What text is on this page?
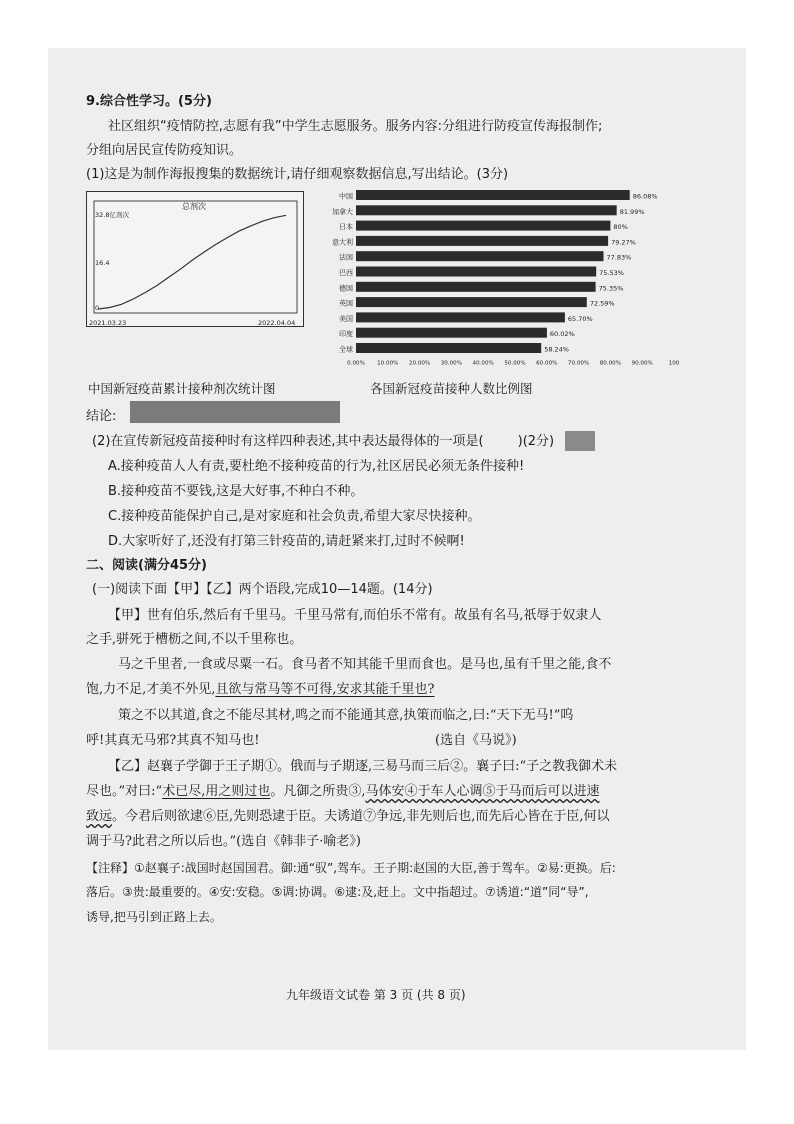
9.综合性学习。(5分)
社区组织“疫情防控,志愿有我”中学生志愿服务。服务内容:分组进行防疫宣传海报制作;
分组向居民宣传防疫知识。
(1)这是为制作海报搜集的数据统计,请仔细观察数据信息,写出结论。(3分)
总剂次
32.8亿剂次
16.4
0
2021.03.23	2022.04.04
中国新冠疫苗累计接种剂次统计图
中国	86.08%
加拿大	81.99%
日本	80%
意大利	79.27%
法国	77.83%
巴西	75.53%
德国	75.35%
英国	72.59%
美国	65.70%
印度	60.02%
全球	58.24%
0.00% 10.00% 20.00% 30.00% 40.00% 50.00% 60.00% 70.00% 80.00% 90.00%	100
各国新冠疫苗接种人数比例图
结论:
(2)在宣传新冠疫苗接种时有这样四种表述,其中表达最得体的一项是(	)(2分)
A.接种疫苗人人有责,要杜绝不接种疫苗的行为,社区居民必须无条件接种!
B.接种疫苗不要钱,这是大好事,不种白不种。
C.接种疫苗能保护自己,是对家庭和社会负责,希望大家尽快接种。
D.大家听好了,还没有打第三针疫苗的,请赶紧来打,过时不候啊!
二、阅读(满分45分)
(一)阅读下面【甲】【乙】两个语段,完成10—14题。(14分)
【甲】世有伯乐,然后有千里马。千里马常有,而伯乐不常有。故虽有名马,祇辱于奴隶人
之手,骈死于槽枥之间,不以千里称也。
马之千里者,一食或尽粟一石。食马者不知其能千里而食也。是马也,虽有千里之能,食不
饱,力不足,才美不外见,且欲与常马等不可得,安求其能千里也?
策之不以其道,食之不能尽其材,鸣之而不能通其意,执策而临之,曰:“天下无马!”呜
呼!其真无马邪?其真不知马也!	(选自《马说》)
【乙】赵襄子学御于王子期①。俄而与子期逐,三易马而三后②。襄子曰:“子之教我御术未
尽也。”对曰:“术已尽,用之则过也。凡御之所贵③,马体安④于车人心调⑤于马而后可以进速
致远。今君后则欲逮⑥臣,先则恐逮于臣。夫诱道⑦争远,非先则后也,而先后心皆在于臣,何以
调于马?此君之所以后也。”(选自《韩非子·喻老》)
【注释】①赵襄子:战国时赵国国君。御:通“驭”,驾车。王子期:赵国的大臣,善于驾车。②易:更换。后:
落后。③贵:最重要的。④安:安稳。⑤调:协调。⑥逮:及,赶上。文中指超过。⑦诱道:“道”同“导”,
诱导,把马引到正路上去。
九年级语文试卷 第 3 页 (共 8 页)
